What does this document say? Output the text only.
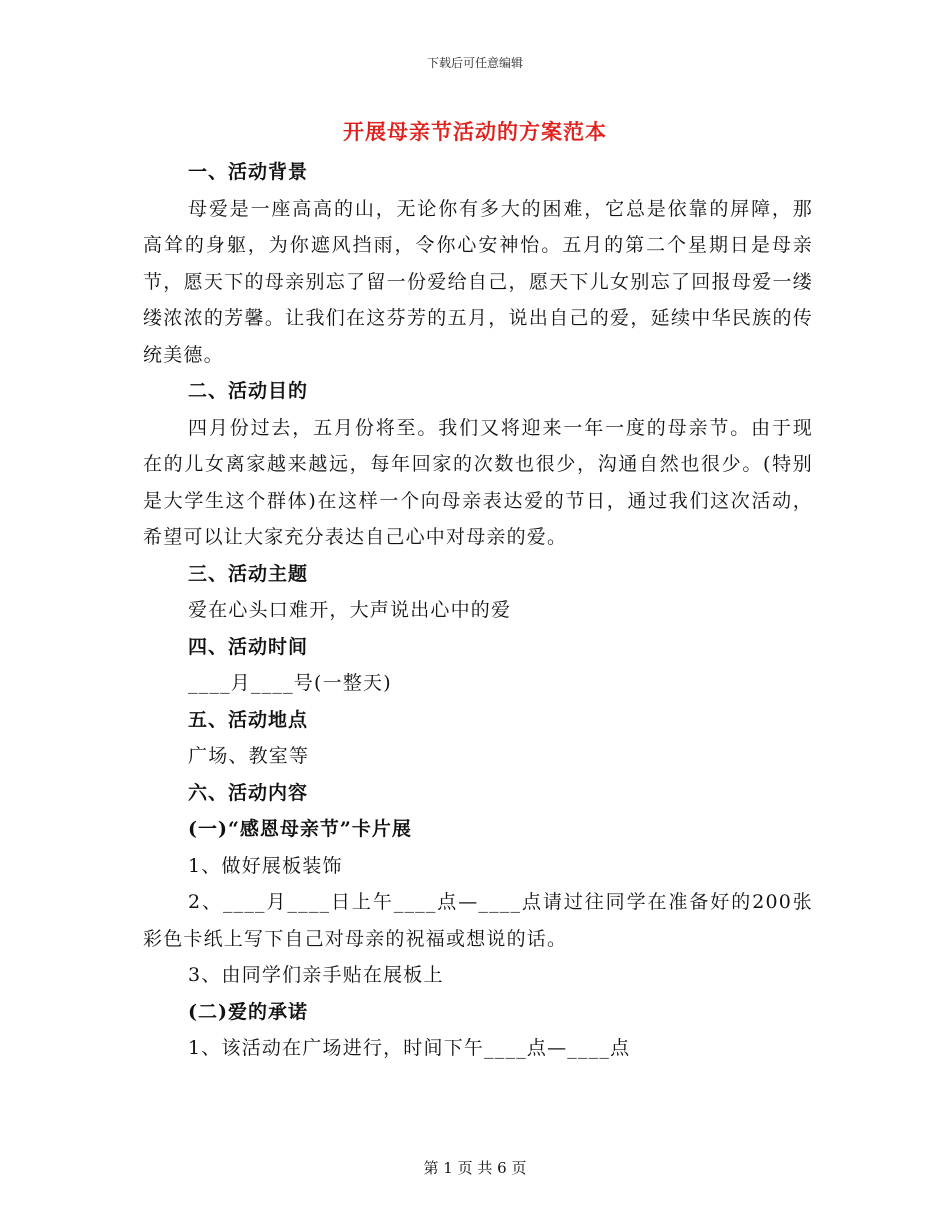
下载后可任意编辑
开展母亲节活动的方案范本
一、活动背景
母爱是一座高高的山，无论你有多大的困难，它总是依靠的屏障，那高耸的身躯，为你遮风挡雨，令你心安神怡。五月的第二个星期日是母亲节，愿天下的母亲别忘了留一份爱给自己，愿天下儿女别忘了回报母爱一缕缕浓浓的芳馨。让我们在这芬芳的五月，说出自己的爱，延续中华民族的传统美德。
二、活动目的
四月份过去，五月份将至。我们又将迎来一年一度的母亲节。由于现在的儿女离家越来越远，每年回家的次数也很少，沟通自然也很少。(特别是大学生这个群体)在这样一个向母亲表达爱的节日，通过我们这次活动，希望可以让大家充分表达自己心中对母亲的爱。
三、活动主题
爱在心头口难开，大声说出心中的爱
四、活动时间
____月____号(一整天)
五、活动地点
广场、教室等
六、活动内容
(一)“感恩母亲节”卡片展
1、做好展板装饰
2、____月____日上午____点—____点请过往同学在准备好的200张彩色卡纸上写下自己对母亲的祝福或想说的话。
3、由同学们亲手贴在展板上
(二)爱的承诺
1、该活动在广场进行，时间下午____点—____点
第 1 页 共 6 页
